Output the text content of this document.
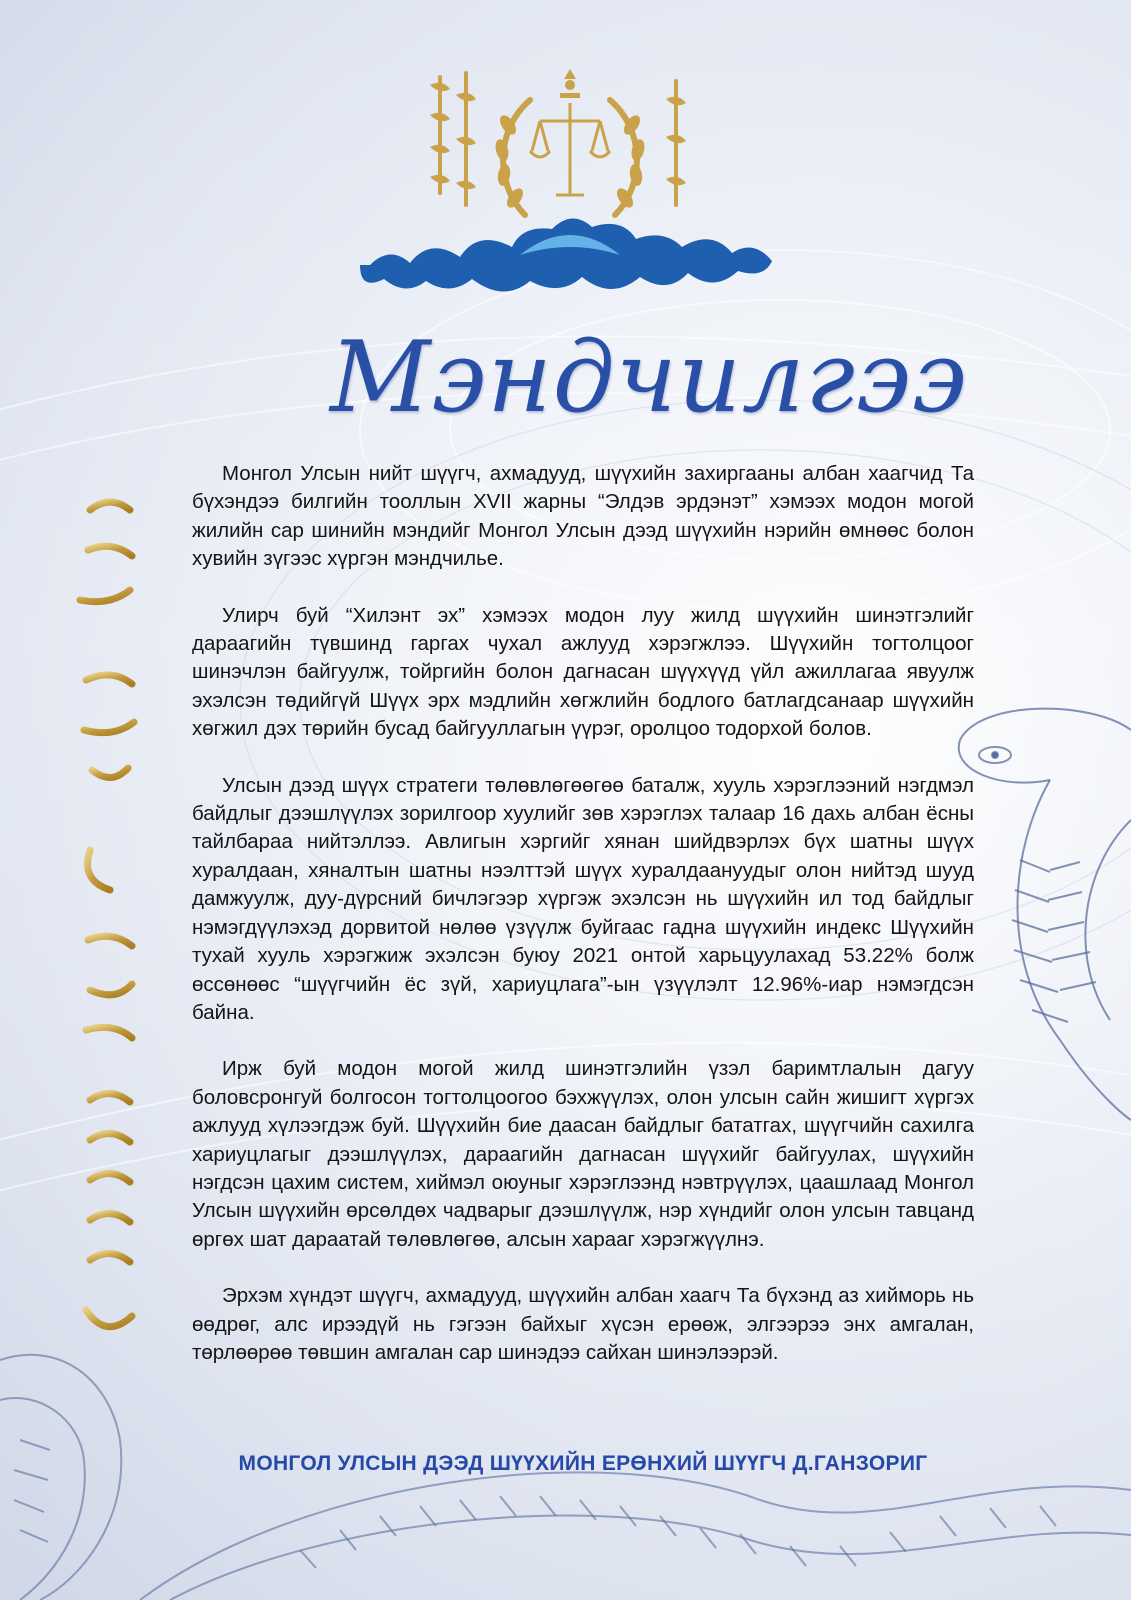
Мэндчилгээ

Монгол Улсын нийт шүүгч, ахмадууд, шүүхийн захиргааны албан хаагчид Та бүхэндээ билгийн тооллын XVII жарны “Элдэв эрдэнэт” хэмээх модон могой жилийн сар шинийн мэндийг Монгол Улсын дээд шүүхийн нэрийн өмнөөс болон хувийн зүгээс хүргэн мэндчилье.

Улирч буй “Хилэнт эх” хэмээх модон луу жилд шүүхийн шинэтгэлийг дараагийн түвшинд гаргах чухал ажлууд хэрэгжлээ. Шүүхийн тогтолцоог шинэчлэн байгуулж, тойргийн болон дагнасан шүүхүүд үйл ажиллагаа явуулж эхэлсэн төдийгүй Шүүх эрх мэдлийн хөгжлийн бодлого батлагдсанаар шүүхийн хөгжил дэх төрийн бусад байгууллагын үүрэг, оролцоо тодорхой болов.

Улсын дээд шүүх стратеги төлөвлөгөөгөө баталж, хууль хэрэглээний нэгдмэл байдлыг дээшлүүлэх зорилгоор хуулийг зөв хэрэглэх талаар 16 дахь албан ёсны тайлбараа нийтэллээ. Авлигын хэргийг хянан шийдвэрлэх бүх шатны шүүх хуралдаан, хяналтын шатны нээлттэй шүүх хуралдаануудыг олон нийтэд шууд дамжуулж, дуу-дүрсний бичлэгээр хүргэж эхэлсэн нь шүүхийн ил тод байдлыг нэмэгдүүлэхэд дорвитой нөлөө үзүүлж буйгаас гадна шүүхийн индекс Шүүхийн тухай хууль хэрэгжиж эхэлсэн буюу 2021 онтой харьцуулахад 53.22% болж өссөнөөс “шүүгчийн ёс зүй, хариуцлага”-ын үзүүлэлт 12.96%-иар нэмэгдсэн байна.

Ирж буй модон могой жилд шинэтгэлийн үзэл баримтлалын дагуу боловсронгуй болгосон тогтолцоогоо бэхжүүлэх, олон улсын сайн жишигт хүргэх ажлууд хүлээгдэж буй. Шүүхийн бие даасан байдлыг бататгах, шүүгчийн сахилга хариуцлагыг дээшлүүлэх, дараагийн дагнасан шүүхийг байгуулах, шүүхийн нэгдсэн цахим систем, хиймэл оюуныг хэрэглээнд нэвтрүүлэх, цаашлаад Монгол Улсын шүүхийн өрсөлдөх чадварыг дээшлүүлж, нэр хүндийг олон улсын тавцанд өргөх шат дараатай төлөвлөгөө, алсын харааг хэрэгжүүлнэ.

Эрхэм хүндэт шүүгч, ахмадууд, шүүхийн албан хаагч Та бүхэнд аз хийморь нь өөдрөг, алс ирээдүй нь гэгээн байхыг хүсэн ерөөж, элгээрээ энх амгалан, төрлөөрөө төвшин амгалан сар шинэдээ сайхан шинэлээрэй.

МОНГОЛ УЛСЫН ДЭЭД ШҮҮХИЙН ЕРӨНХИЙ ШҮҮГЧ Д.ГАНЗОРИГ
